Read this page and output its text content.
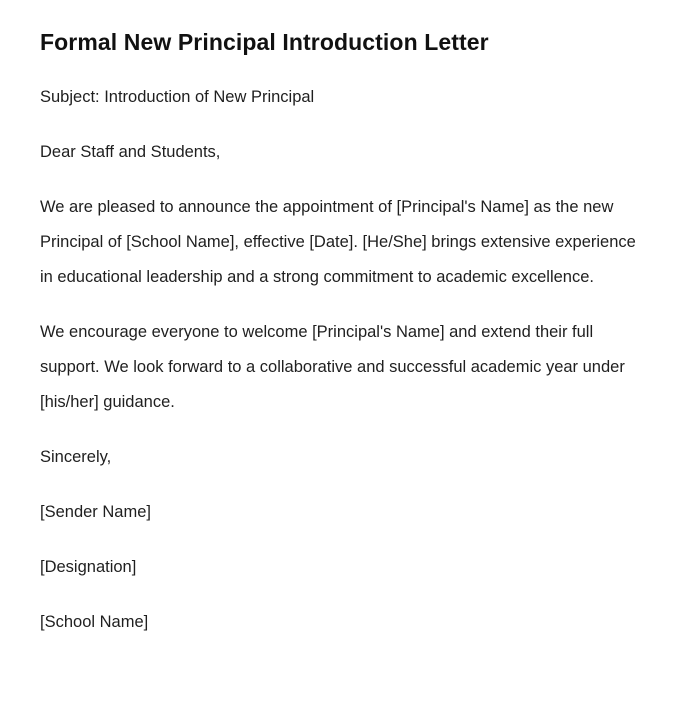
Formal New Principal Introduction Letter

Subject: Introduction of New Principal

Dear Staff and Students,

We are pleased to announce the appointment of [Principal's Name] as the new Principal of [School Name], effective [Date]. [He/She] brings extensive experience in educational leadership and a strong commitment to academic excellence.

We encourage everyone to welcome [Principal's Name] and extend their full support. We look forward to a collaborative and successful academic year under [his/her] guidance.

Sincerely,

[Sender Name]

[Designation]

[School Name]
